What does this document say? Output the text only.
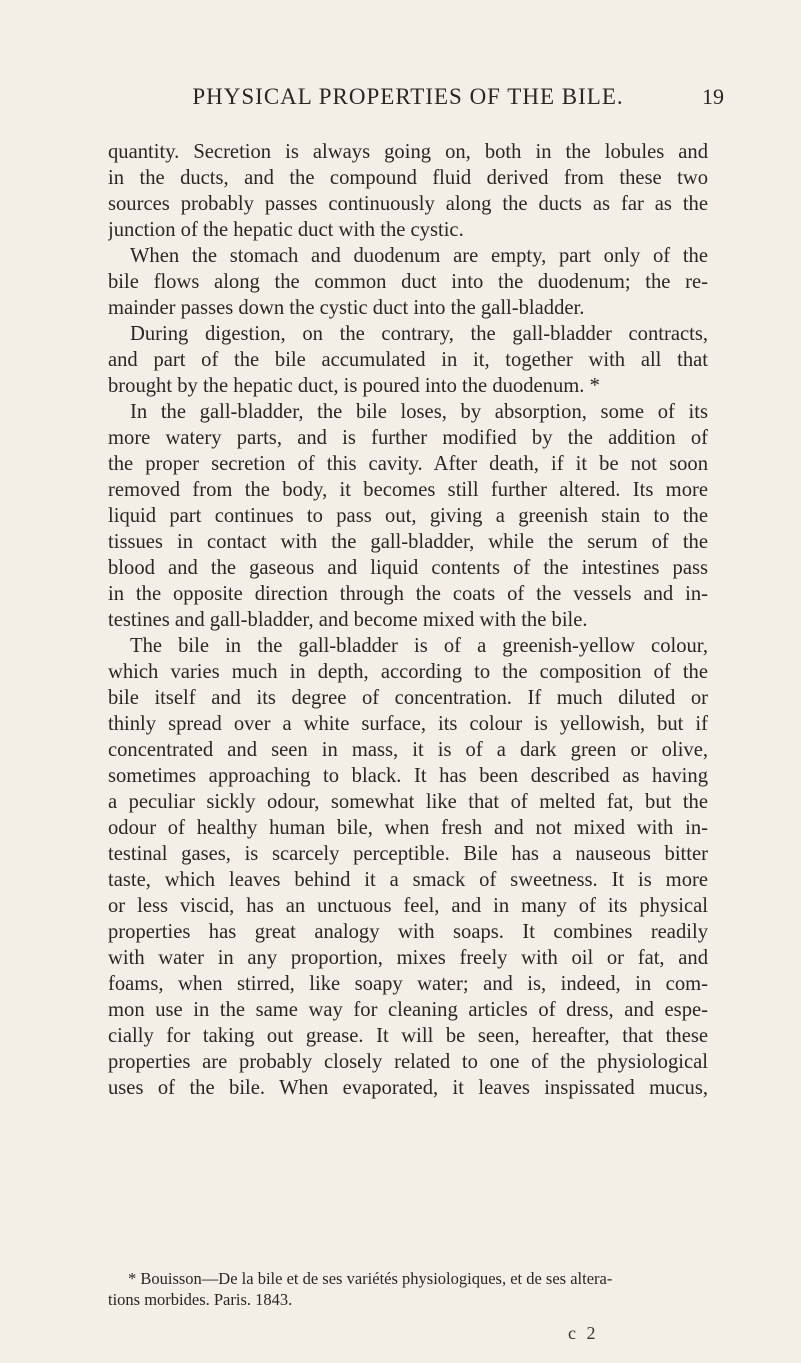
PHYSICAL PROPERTIES OF THE BILE.	19
quantity. Secretion is always going on, both in the lobules and
in the ducts, and the compound fluid derived from these two
sources probably passes continuously along the ducts as far as the
junction of the hepatic duct with the cystic.
When the stomach and duodenum are empty, part only of the
bile flows along the common duct into the duodenum; the re-
mainder passes down the cystic duct into the gall-bladder.
During digestion, on the contrary, the gall-bladder contracts,
and part of the bile accumulated in it, together with all that
brought by the hepatic duct, is poured into the duodenum. *
In the gall-bladder, the bile loses, by absorption, some of its
more watery parts, and is further modified by the addition of
the proper secretion of this cavity. After death, if it be not soon
removed from the body, it becomes still further altered. Its more
liquid part continues to pass out, giving a greenish stain to the
tissues in contact with the gall-bladder, while the serum of the
blood and the gaseous and liquid contents of the intestines pass
in the opposite direction through the coats of the vessels and in-
testines and gall-bladder, and become mixed with the bile.
The bile in the gall-bladder is of a greenish-yellow colour,
which varies much in depth, according to the composition of the
bile itself and its degree of concentration. If much diluted or
thinly spread over a white surface, its colour is yellowish, but if
concentrated and seen in mass, it is of a dark green or olive,
sometimes approaching to black. It has been described as having
a peculiar sickly odour, somewhat like that of melted fat, but the
odour of healthy human bile, when fresh and not mixed with in-
testinal gases, is scarcely perceptible. Bile has a nauseous bitter
taste, which leaves behind it a smack of sweetness. It is more
or less viscid, has an unctuous feel, and in many of its physical
properties has great analogy with soaps. It combines readily
with water in any proportion, mixes freely with oil or fat, and
foams, when stirred, like soapy water; and is, indeed, in com-
mon use in the same way for cleaning articles of dress, and espe-
cially for taking out grease. It will be seen, hereafter, that these
properties are probably closely related to one of the physiological
uses of the bile. When evaporated, it leaves inspissated mucus,
* Bouisson—De la bile et de ses variétés physiologiques, et de ses altera-
tions morbides. Paris. 1843.
c 2
